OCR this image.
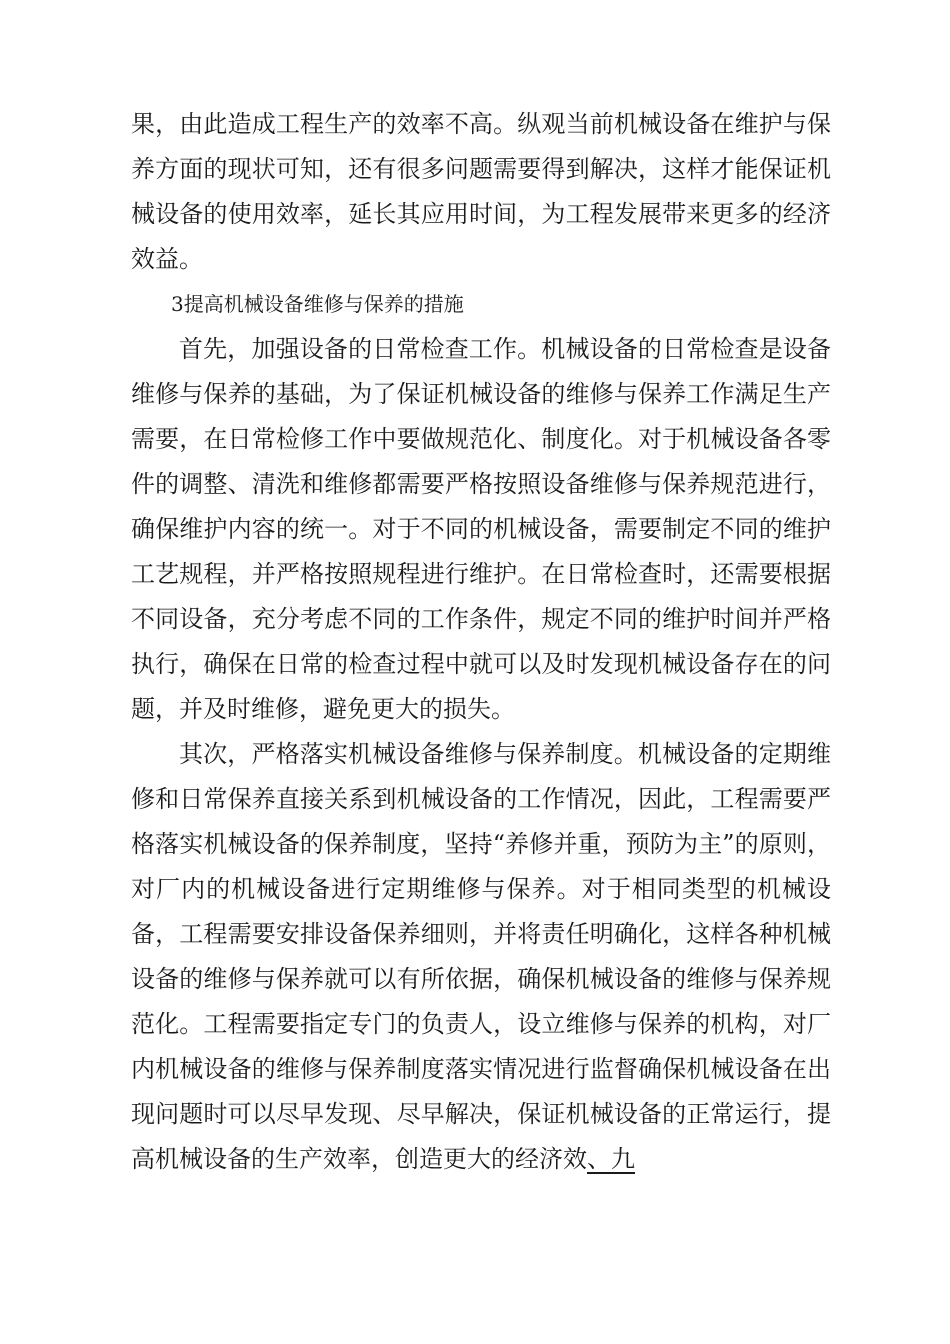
果，由此造成工程生产的效率不高。纵观当前机械设备在维护与保养方面的现状可知，还有很多问题需要得到解决，这样才能保证机械设备的使用效率，延长其应用时间，为工程发展带来更多的经济效益。

3提高机械设备维修与保养的措施

首先，加强设备的日常检查工作。机械设备的日常检查是设备维修与保养的基础，为了保证机械设备的维修与保养工作满足生产需要，在日常检修工作中要做规范化、制度化。对于机械设备各零件的调整、清洗和维修都需要严格按照设备维修与保养规范进行，确保维护内容的统一。对于不同的机械设备，需要制定不同的维护工艺规程，并严格按照规程进行维护。在日常检查时，还需要根据不同设备，充分考虑不同的工作条件，规定不同的维护时间并严格执行，确保在日常的检查过程中就可以及时发现机械设备存在的问题，并及时维修，避免更大的损失。

其次，严格落实机械设备维修与保养制度。机械设备的定期维修和日常保养直接关系到机械设备的工作情况，因此，工程需要严格落实机械设备的保养制度，坚持“养修并重，预防为主”的原则，对厂内的机械设备进行定期维修与保养。对于相同类型的机械设备，工程需要安排设备保养细则，并将责任明确化，这样各种机械设备的维修与保养就可以有所依据，确保机械设备的维修与保养规范化。工程需要指定专门的负责人，设立维修与保养的机构，对厂内机械设备的维修与保养制度落实情况进行监督确保机械设备在出现问题时可以尽早发现、尽早解决，保证机械设备的正常运行，提高机械设备的生产效率，创造更大的经济效、九
